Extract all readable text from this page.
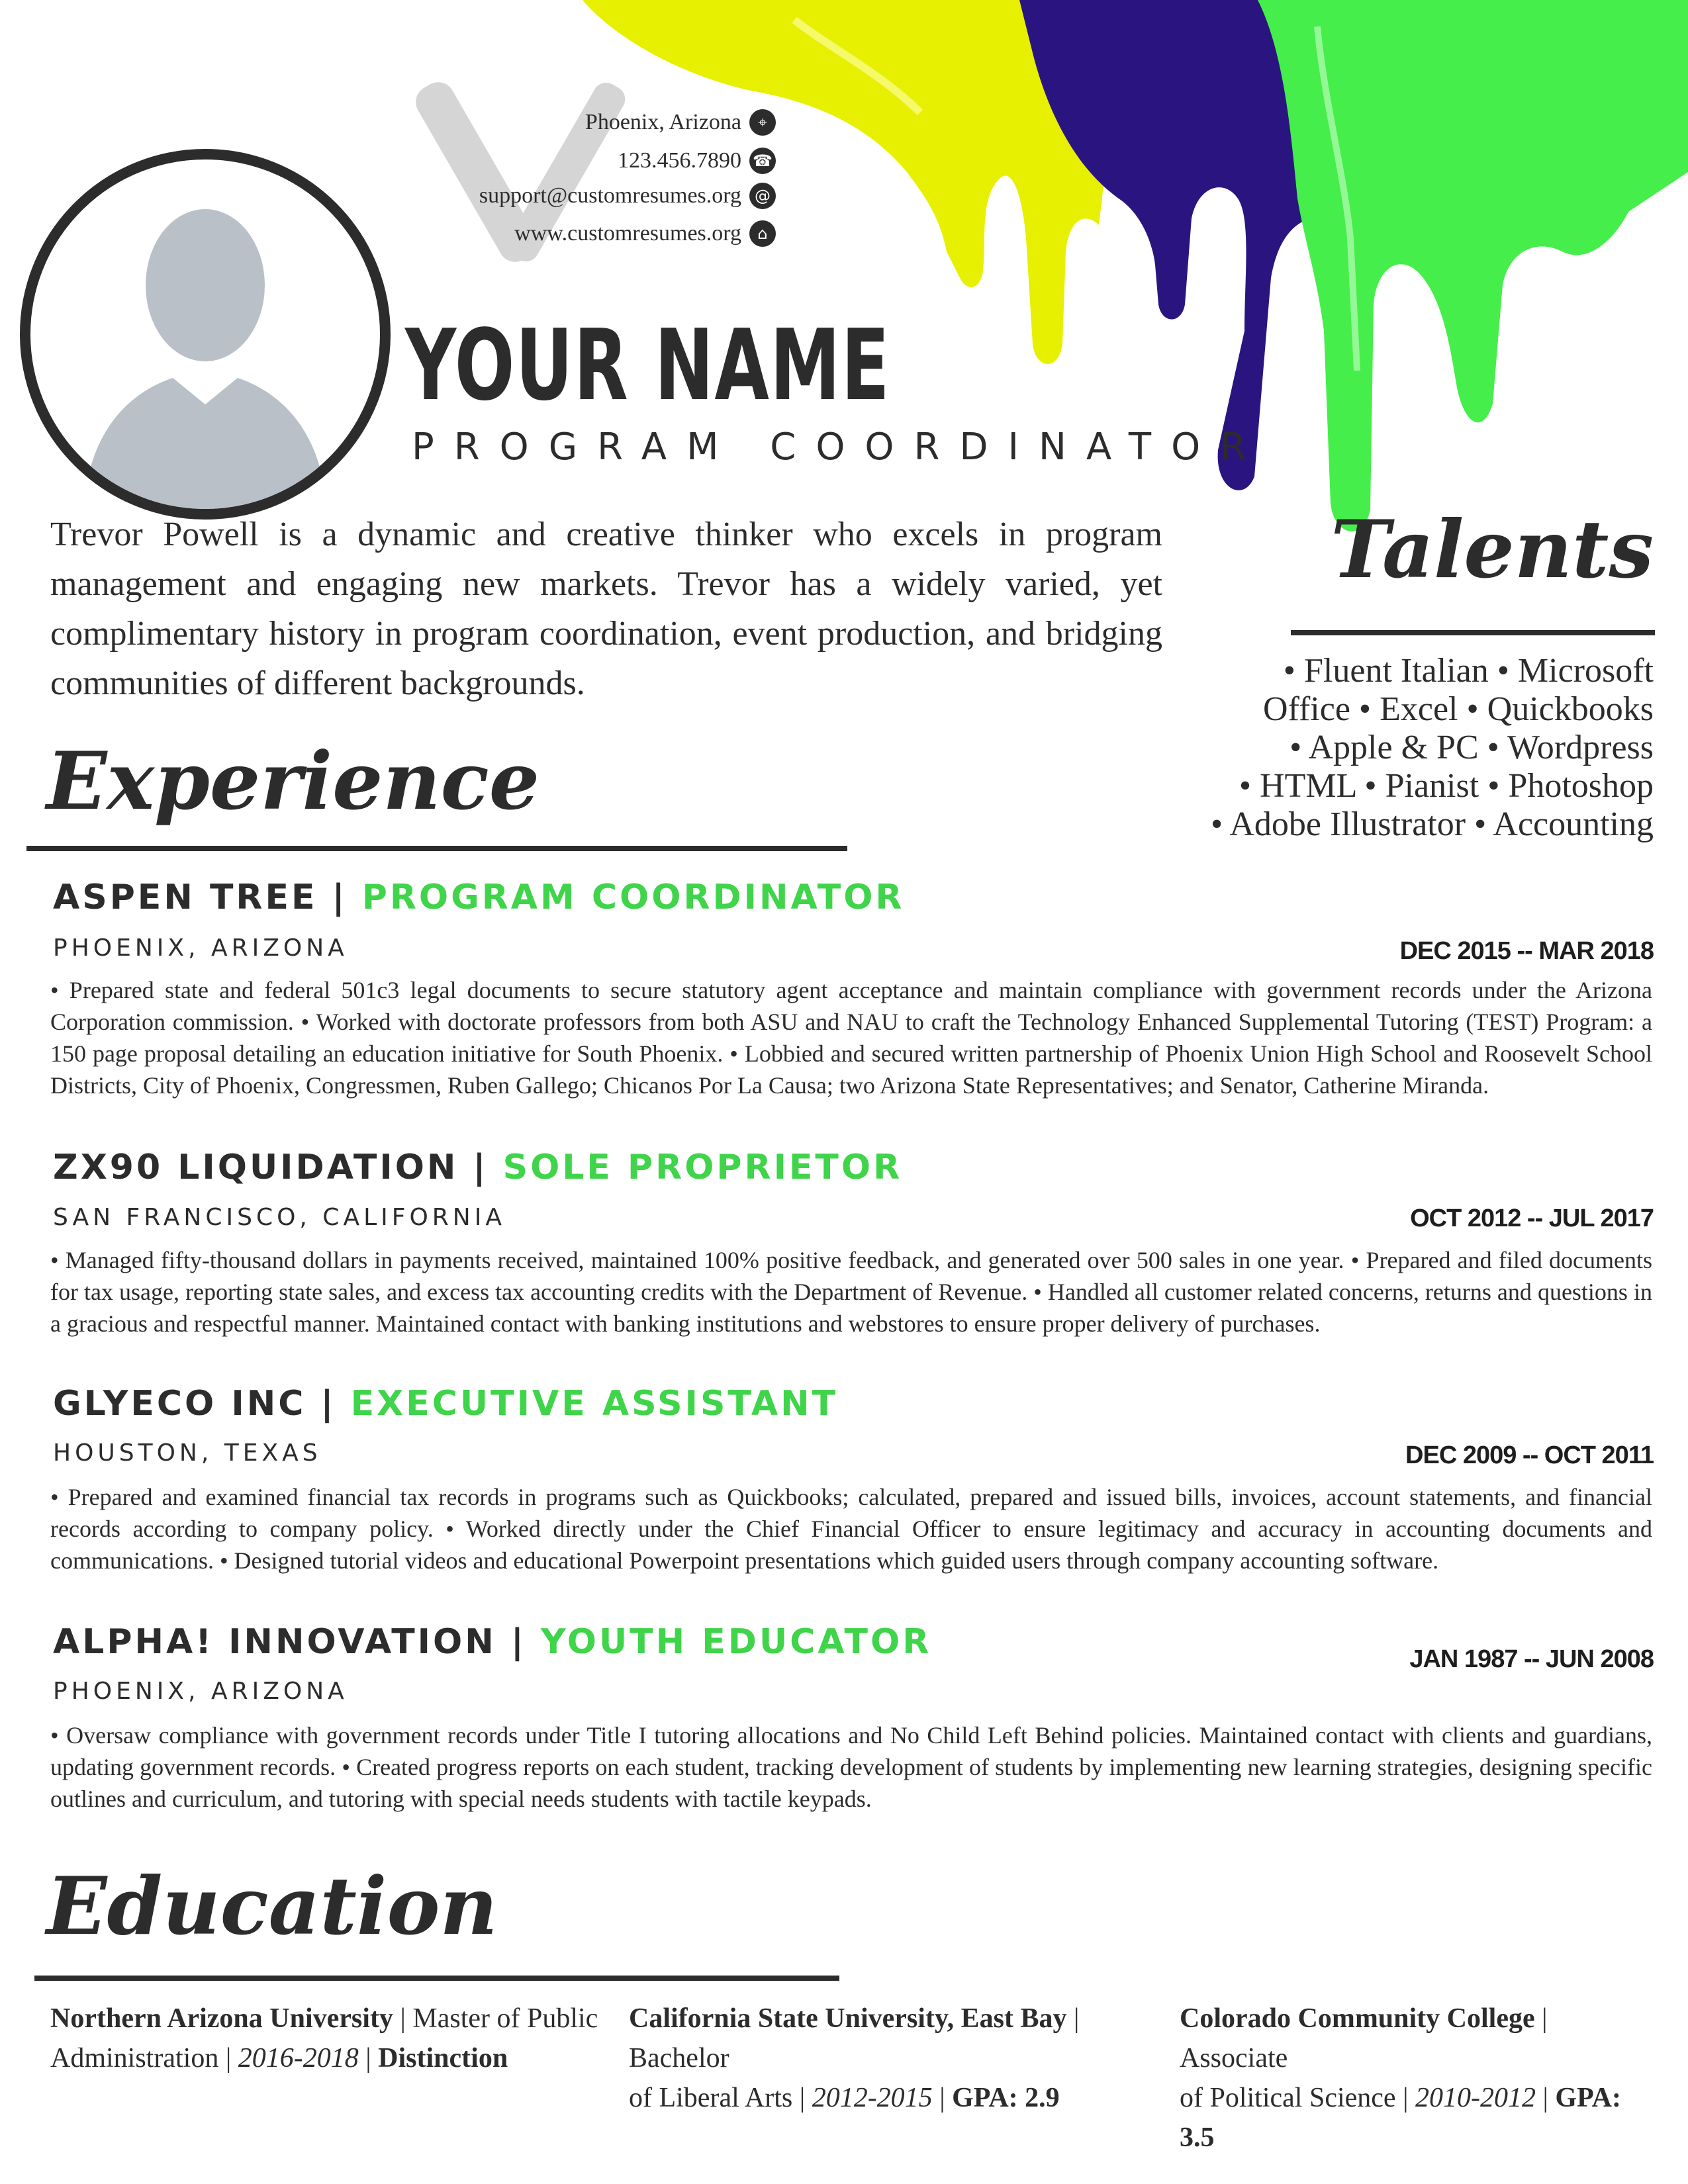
Phoenix, Arizona	⌖
123.456.7890 ☎
support@customresumes.org @
www.customresumes.org	⌂
YOUR NAME
PROGRAM COORDINATOR
Trevor Powell is a dynamic and creative thinker who excels in program management and engaging new markets. Trevor has a widely varied, yet complimentary history in program coordination, event production, and bridging communities of different backgrounds.
Talents
• Fluent Italian • Microsoft
Office • Excel • Quickbooks
• Apple & PC • Wordpress
• HTML • Pianist • Photoshop
• Adobe Illustrator • Accounting
Experience
ASPEN TREE | PROGRAM COORDINATOR
PHOENIX, ARIZONA	DEC 2015 -- MAR 2018
• Prepared state and federal 501c3 legal documents to secure statutory agent acceptance and maintain compliance with government records under the Arizona Corporation commission. • Worked with doctorate professors from both ASU and NAU to craft the Technology Enhanced Supplemental Tutoring (TEST) Program: a 150 page proposal detailing an education initiative for South Phoenix. • Lobbied and secured written partnership of Phoenix Union High School and Roosevelt School Districts, City of Phoenix, Congressmen, Ruben Gallego; Chicanos Por La Causa; two Arizona State Representatives; and Senator, Catherine Miranda.
ZX90 LIQUIDATION | SOLE PROPRIETOR
SAN FRANCISCO, CALIFORNIA	OCT 2012 -- JUL 2017
• Managed fifty-thousand dollars in payments received, maintained 100% positive feedback, and generated over 500 sales in one year. • Prepared and filed documents for tax usage, reporting state sales, and excess tax accounting credits with the Department of Revenue. • Handled all customer related concerns, returns and questions in a gracious and respectful manner. Maintained contact with banking institutions and webstores to ensure proper delivery of purchases.
GLYECO INC | EXECUTIVE ASSISTANT
HOUSTON, TEXAS	DEC 2009 -- OCT 2011
• Prepared and examined financial tax records in programs such as Quickbooks; calculated, prepared and issued bills, invoices, account statements, and financial records according to company policy. • Worked directly under the Chief Financial Officer to ensure legitimacy and accuracy in accounting documents and communications. • Designed tutorial videos and educational Powerpoint presentations which guided users through company accounting software.
ALPHA! INNOVATION | YOUTH EDUCATOR	JAN 1987 -- JUN 2008
PHOENIX, ARIZONA
• Oversaw compliance with government records under Title I tutoring allocations and No Child Left Behind policies. Maintained contact with clients and guardians, updating government records. • Created progress reports on each student, tracking development of students by implementing new learning strategies, designing specific outlines and curriculum, and tutoring with special needs students with tactile keypads.
Education
Northern Arizona University | Master of Public
Administration | 2016-2018 | Distinction
California State University, East Bay | Bachelor
of Liberal Arts | 2012-2015 | GPA: 2.9
Colorado Community College | Associate
of Political Science | 2010-2012 | GPA: 3.5
